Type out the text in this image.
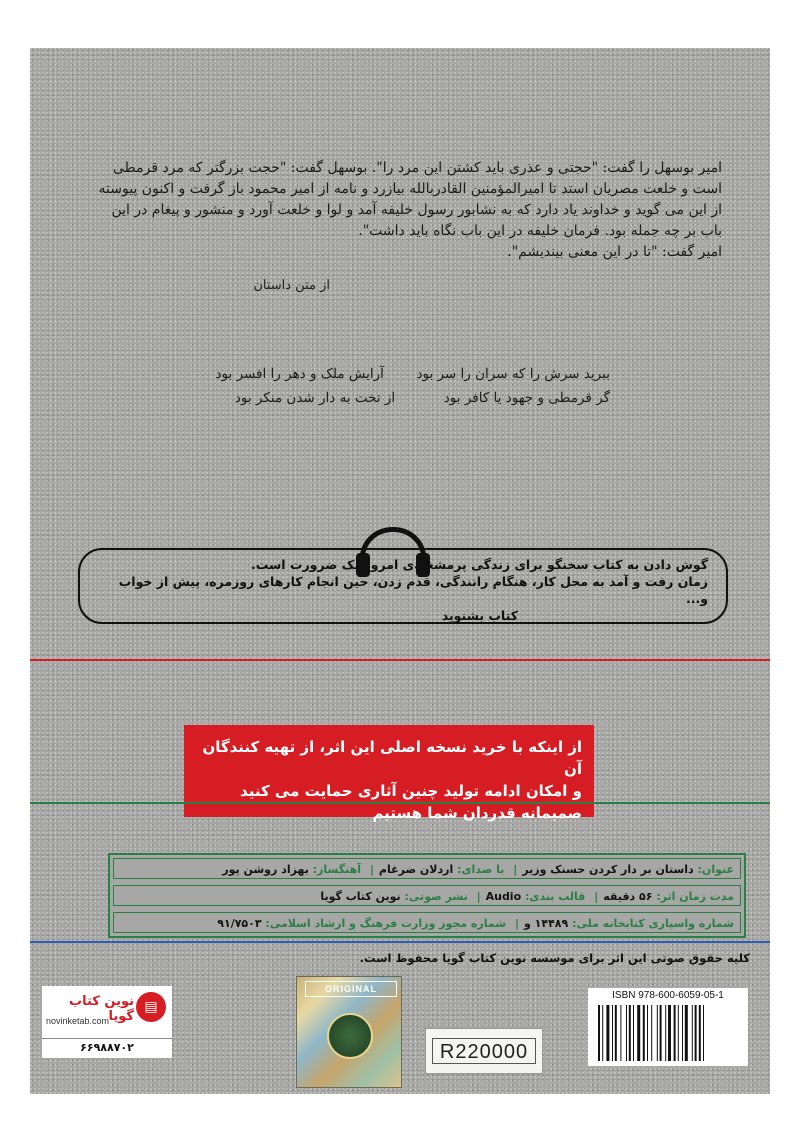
امیر بوسهل را گفت: "حجتی و عذری باید کشتن این مرد را". بوسهل گفت: "حجت بزرگتر که مرد قرمطی

است و خلعت مصریان استد تا امیرالمؤمنین القادربالله بیازرد و نامه از امیر محمود باز گرفت و اکنون پیوسته

از این می گوید و خداوند یاد دارد که به نشابور رسول خلیفه آمد و لوا و خلعت آورد و منشور و پیغام در این

باب بر چه جمله بود. فرمان خلیفه در این باب نگاه باید داشت".

امیر گفت: "تا در این معنی بیندیشم".

از متن داستان
ببرید سرش را که سران را سر بود  آرایش ملک و دهر را افسر بود
گر قرمطی و جهود یا کافر بود  از تخت به دار شدن منکر بود

گوش دادن به کتاب سخنگو برای زندگی پرمشغله‌ی امروز یک ضرورت است.

زمان رفت و آمد به محل کار، هنگام رانندگی، قدم زدن، حین انجام کارهای روزمره، پیش از خواب و...

کتاب بشنوید

از اینکه با خرید نسخه اصلی این اثر، از تهیه کنندگان آن

و امکان ادامه تولید چنین آثاری حمایت می کنید

صمیمانه قدردان شما هستیم

عنوان: داستان بر دار کردن حسنک وزیر| با صدای: اردلان ضرغام| آهنگساز: بهزاد روشن پور
مدت زمان اثر: ۵۶ دقیقه| قالب بندی: Audio| نشر صوتی: نوین کتاب گویا
شماره واسپاری کتابخانه ملی: ۱۴۴۸۹ و| شماره مجوز وزارت فرهنگ و ارشاد اسلامی: ۹۱/۷۵۰۳
کلیه حقوق صوتی این اثر برای موسسه نوین کتاب گویا محفوظ است.
▤
نوین کتاب گویا
novinketab.com
۶۶۹۸۸۷۰۲
ORIGINAL
R220000
ISBN 978-600-6059-05-1
